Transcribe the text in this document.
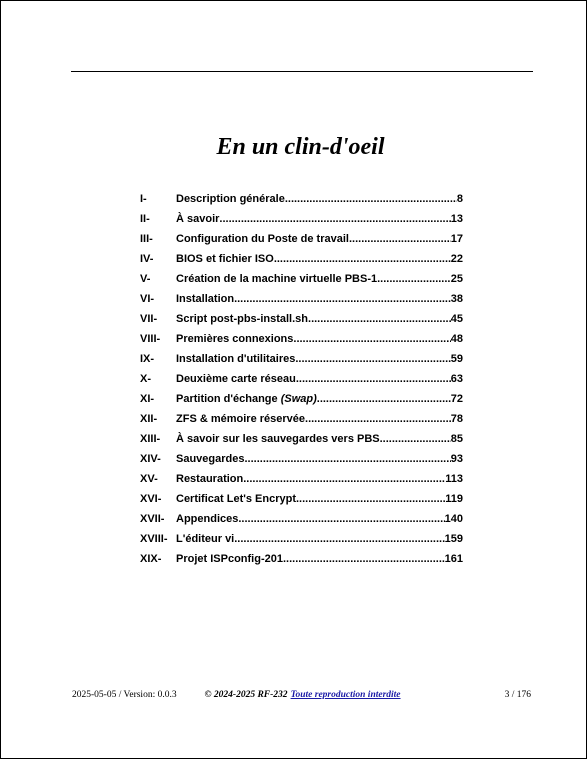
En un clin-d'oeil
I-	Description générale .....	8
II-	À savoir .....	13
III-	Configuration du Poste de travail .....	17
IV-	BIOS et fichier ISO .....	22
V-	Création de la machine virtuelle PBS-1 .....	25
VI-	Installation .....	38
VII-	Script post-pbs-install.sh .....	45
VIII-	Premières connexions .....	48
IX-	Installation d'utilitaires .....	59
X-	Deuxième carte réseau .....	63
XI-	Partition d'échange (Swap) .....	72
XII-	ZFS & mémoire réservée .....	78
XIII-	À savoir sur les sauvegardes vers PBS .....	85
XIV-	Sauvegardes .....	93
XV-	Restauration .....	113
XVI-	Certificat Let's Encrypt .....	119
XVII-	Appendices .....	140
XVIII- L'éditeur vi .....	159
XIX-	Projet ISPconfig-201 .....	161
2025-05-05 / Version: 0.0.3	© 2024-2025 RF-232 Toute reproduction interdite	3 / 176
